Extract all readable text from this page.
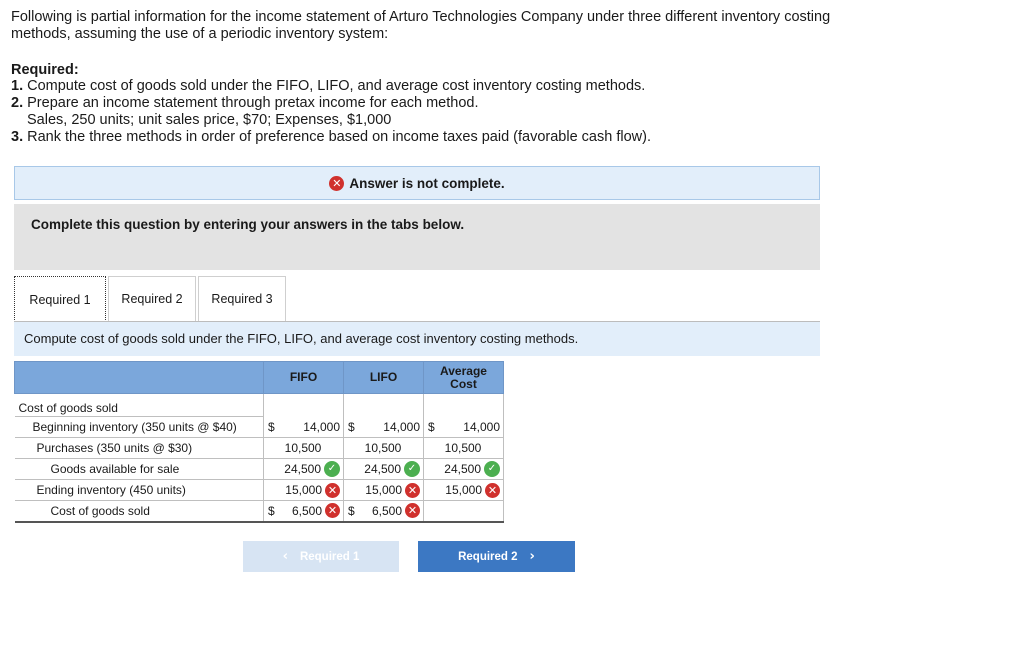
Following is partial information for the income statement of Arturo Technologies Company under three different inventory costing methods, assuming the use of a periodic inventory system:
Required:
1. Compute cost of goods sold under the FIFO, LIFO, and average cost inventory costing methods.
2. Prepare an income statement through pretax income for each method.
Sales, 250 units; unit sales price, $70; Expenses, $1,000
3. Rank the three methods in order of preference based on income taxes paid (favorable cash flow).
✕ Answer is not complete.
Complete this question by entering your answers in the tabs below.
Required 1	Required 2	Required 3
Compute cost of goods sold under the FIFO, LIFO, and average cost inventory costing methods.
	FIFO	LIFO	Average Cost
Cost of goods sold			

Beginning inventory (350 units @ $40)	$ 14,000	$ 14,000	$ 14,000

Purchases (350 units @ $30)	10,500	10,500	10,500

Goods available for sale	24,500 ✓	24,500 ✓	24,500 ✓

Ending inventory (450 units)	15,000 ✕	15,000 ✕	15,000 ✕

Cost of goods sold	$ 6,500 ✕	$ 6,500 ✕	

‹ Required 1	Required 2 ›
